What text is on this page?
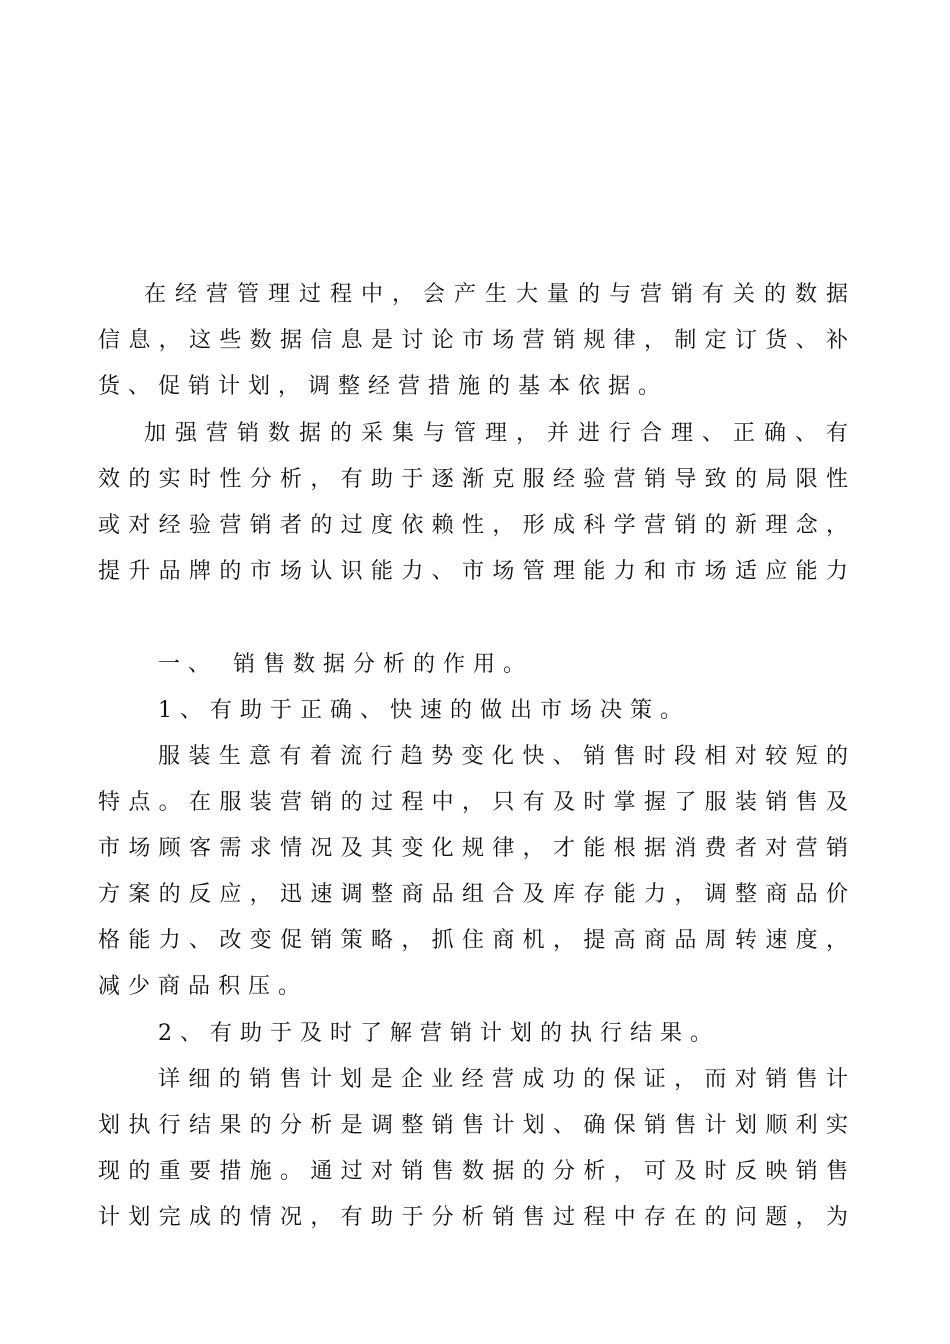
在经营管理过程中，会产生大量的与营销有关的数据
信息，这些数据信息是讨论市场营销规律，制定订货、补
货、促销计划，调整经营措施的基本依据。
加强营销数据的采集与管理，并进行合理、正确、有
效的实时性分析，有助于逐渐克服经验营销导致的局限性
或对经验营销者的过度依赖性，形成科学营销的新理念，
提升品牌的市场认识能力、市场管理能力和市场适应能力
一、 销售数据分析的作用。
1、有助于正确、快速的做出市场决策。
服装生意有着流行趋势变化快、销售时段相对较短的
特点。在服装营销的过程中，只有及时掌握了服装销售及
市场顾客需求情况及其变化规律，才能根据消费者对营销
方案的反应，迅速调整商品组合及库存能力，调整商品价
格能力、改变促销策略，抓住商机，提高商品周转速度，
减少商品积压。
2、有助于及时了解营销计划的执行结果。
详细的销售计划是企业经营成功的保证，而对销售计
划执行结果的分析是调整销售计划、确保销售计划顺利实
现的重要措施。通过对销售数据的分析，可及时反映销售
计划完成的情况，有助于分析销售过程中存在的问题，为
